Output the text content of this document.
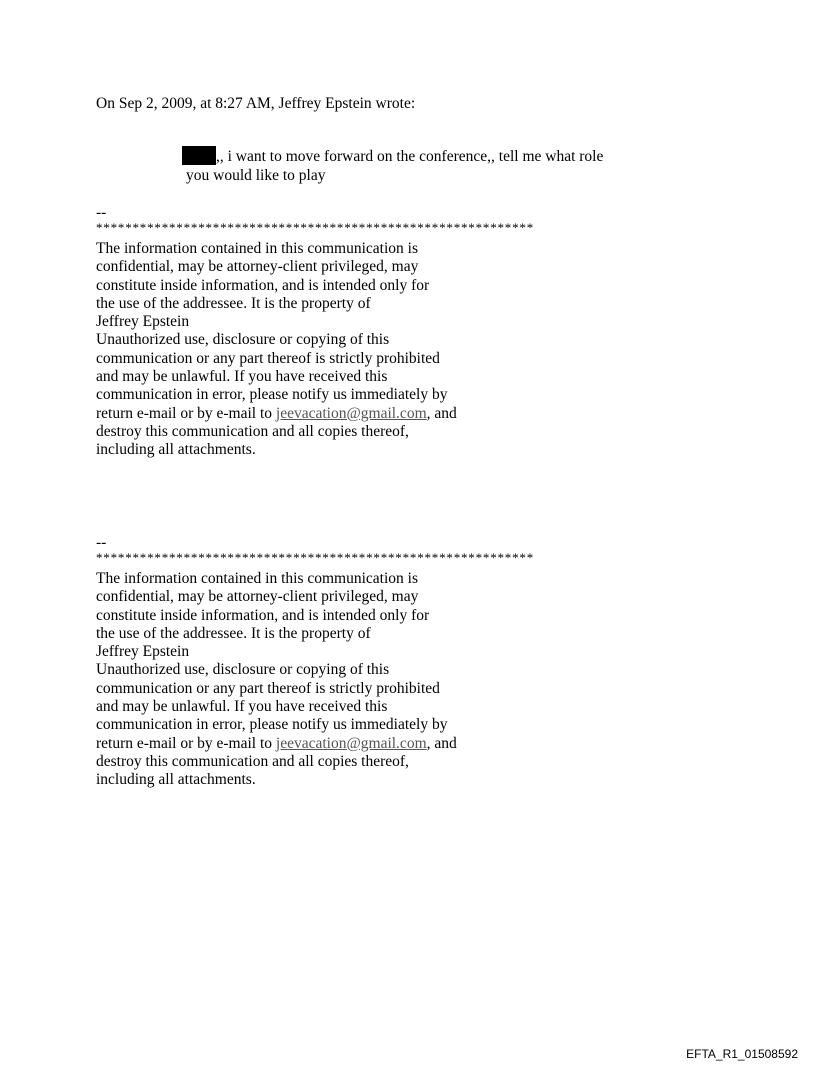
On Sep 2, 2009, at 8:27 AM, Jeffrey Epstein wrote:
,, i want to move forward on the conference,, tell me what role
you would like to play
--
************************************************************
The information contained in this communication is
confidential, may be attorney-client privileged, may
constitute inside information, and is intended only for
the use of the addressee. It is the property of
Jeffrey Epstein
Unauthorized use, disclosure or copying of this
communication or any part thereof is strictly prohibited
and may be unlawful. If you have received this
communication in error, please notify us immediately by
return e-mail or by e-mail to jeevacation@gmail.com, and
destroy this communication and all copies thereof,
including all attachments.
--
************************************************************
The information contained in this communication is
confidential, may be attorney-client privileged, may
constitute inside information, and is intended only for
the use of the addressee. It is the property of
Jeffrey Epstein
Unauthorized use, disclosure or copying of this
communication or any part thereof is strictly prohibited
and may be unlawful. If you have received this
communication in error, please notify us immediately by
return e-mail or by e-mail to jeevacation@gmail.com, and
destroy this communication and all copies thereof,
including all attachments.
EFTA_R1_01508592
